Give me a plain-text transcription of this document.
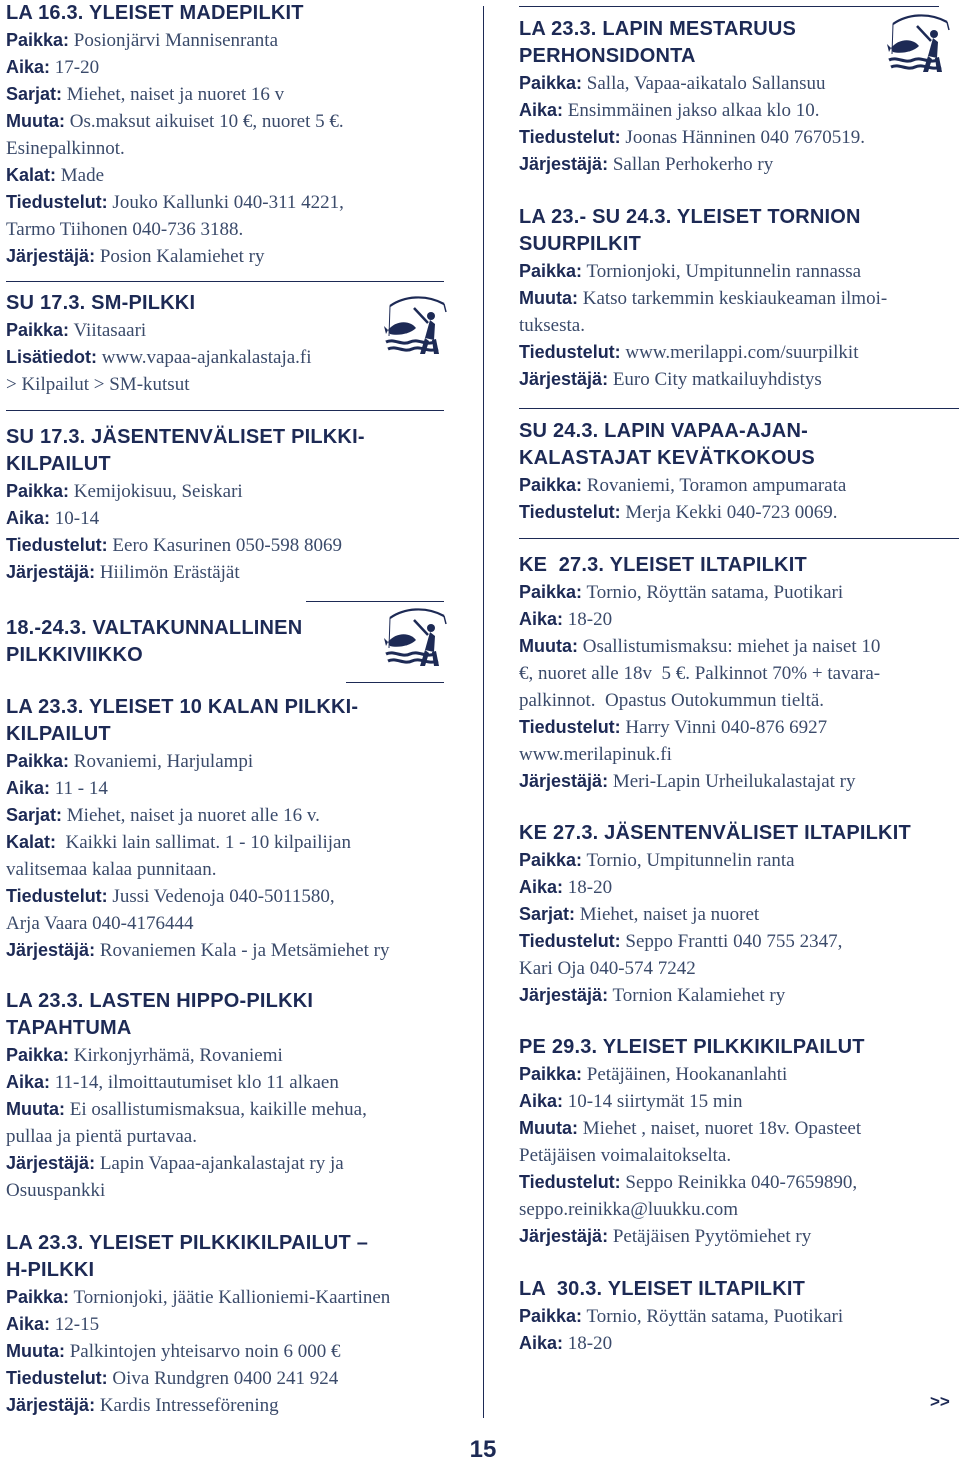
LA 16.3. YLEISET MADEPILKIT
Paikka: Posionjärvi Mannisenranta
Aika: 17-20
Sarjat: Miehet, naiset ja nuoret 16 v
Muuta: Os.maksut aikuiset 10 €, nuoret 5 €.
Esinepalkinnot.
Kalat: Made
Tiedustelut: Jouko Kallunki 040-311 4221,
Tarmo Tiihonen 040-736 3188.
Järjestäjä: Posion Kalamiehet ry
SU 17.3. SM-PILKKI
Paikka: Viitasaari
Lisätiedot: www.vapaa-ajankalastaja.fi
> Kilpailut > SM-kutsut
SU 17.3. JÄSENTENVÄLISET PILKKI-
KILPAILUT
Paikka: Kemijokisuu, Seiskari
Aika: 10-14
Tiedustelut: Eero Kasurinen 050-598 8069
Järjestäjä: Hiilimön Erästäjät
18.-24.3. VALTAKUNNALLINEN
PILKKIVIIKKO
LA 23.3. YLEISET 10 KALAN PILKKI-
KILPAILUT
Paikka: Rovaniemi, Harjulampi
Aika: 11 - 14
Sarjat: Miehet, naiset ja nuoret alle 16 v.
Kalat:  Kaikki lain sallimat. 1 - 10 kilpailijan
valitsemaa kalaa punnitaan.
Tiedustelut: Jussi Vedenoja 040-5011580,
Arja Vaara 040-4176444
Järjestäjä: Rovaniemen Kala - ja Metsämiehet ry
LA 23.3. LASTEN HIPPO-PILKKI
TAPAHTUMA
Paikka: Kirkonjyrhämä, Rovaniemi
Aika: 11-14, ilmoittautumiset klo 11 alkaen
Muuta: Ei osallistumismaksua, kaikille mehua,
pullaa ja pientä purtavaa.
Järjestäjä: Lapin Vapaa-ajankalastajat ry ja
Osuuspankki
LA 23.3. YLEISET PILKKIKILPAILUT –
H-PILKKI
Paikka: Tornionjoki, jäätie Kallioniemi-Kaartinen
Aika: 12-15
Muuta: Palkintojen yhteisarvo noin 6 000 €
Tiedustelut: Oiva Rundgren 0400 241 924
Järjestäjä: Kardis Intresseförening
LA 23.3. LAPIN MESTARUUS
PERHONSIDONTA
Paikka: Salla, Vapaa-aikatalo Sallansuu
Aika: Ensimmäinen jakso alkaa klo 10.
Tiedustelut: Joonas Hänninen 040 7670519.
Järjestäjä: Sallan Perhokerho ry
LA 23.- SU 24.3. YLEISET TORNION
SUURPILKIT
Paikka: Tornionjoki, Umpitunnelin rannassa
Muuta: Katso tarkemmin keskiaukeaman ilmoi-
tuksesta.
Tiedustelut: www.merilappi.com/suurpilkit
Järjestäjä: Euro City matkailuyhdistys
SU 24.3. LAPIN VAPAA-AJAN-
KALASTAJAT KEVÄTKOKOUS
Paikka: Rovaniemi, Toramon ampumarata
Tiedustelut: Merja Kekki 040-723 0069.
KE  27.3. YLEISET ILTAPILKIT
Paikka: Tornio, Röyttän satama, Puotikari
Aika: 18-20
Muuta: Osallistumismaksu: miehet ja naiset 10
€, nuoret alle 18v  5 €. Palkinnot 70% + tavara-
palkinnot.  Opastus Outokummun tieltä.
Tiedustelut: Harry Vinni 040-876 6927
www.merilapinuk.fi
Järjestäjä: Meri-Lapin Urheilukalastajat ry
KE 27.3. JÄSENTENVÄLISET ILTAPILKIT
Paikka: Tornio, Umpitunnelin ranta
Aika: 18-20
Sarjat: Miehet, naiset ja nuoret
Tiedustelut: Seppo Frantti 040 755 2347,
Kari Oja 040-574 7242
Järjestäjä: Tornion Kalamiehet ry
PE 29.3. YLEISET PILKKIKILPAILUT
Paikka: Petäjäinen, Hookananlahti
Aika: 10-14 siirtymät 15 min
Muuta: Miehet , naiset, nuoret 18v. Opasteet
Petäjäisen voimalaitokselta.
Tiedustelut: Seppo Reinikka 040-7659890,
seppo.reinikka@luukku.com
Järjestäjä: Petäjäisen Pyytömiehet ry
LA  30.3. YLEISET ILTAPILKIT
Paikka: Tornio, Röyttän satama, Puotikari
Aika: 18-20
>>
15
